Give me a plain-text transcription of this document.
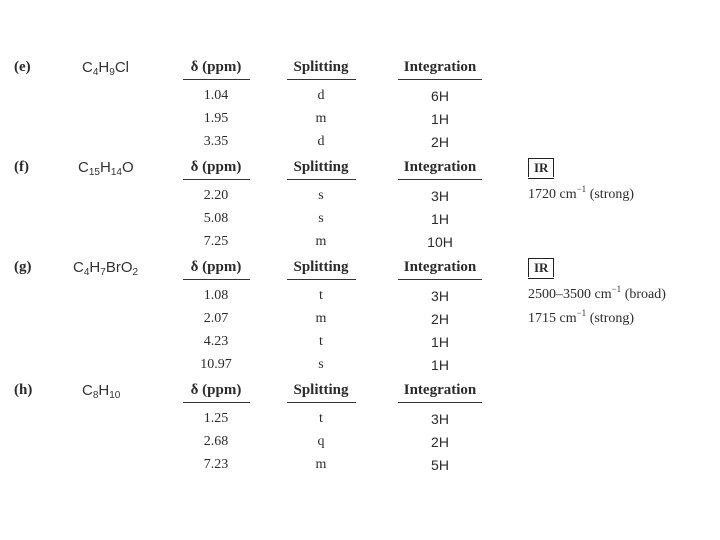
(e)	$C_4H_9Cl$	δ (ppm)	Splitting	Integration
1.04	d	6H
1.95	m	1H
3.35	d	2H
(f)	$C_{15}H_{14}O$	δ (ppm)	Splitting	Integration
2.20	s	3H
5.08	s	1H
7.25	m	10H
IR
1720 $cm^{-1}$ (strong)
(g)	$C_4H_7BrO_2$	δ (ppm)	Splitting	Integration
1.08	t	3H
2.07	m	2H
4.23	t	1H
10.97	s	1H
IR
2500–3500 $cm^{-1}$ (broad)
1715 $cm^{-1}$ (strong)
(h)	$C_8H_{10}$	δ (ppm)	Splitting	Integration
1.25	t	3H
2.68	q	2H
7.23	m	5H
